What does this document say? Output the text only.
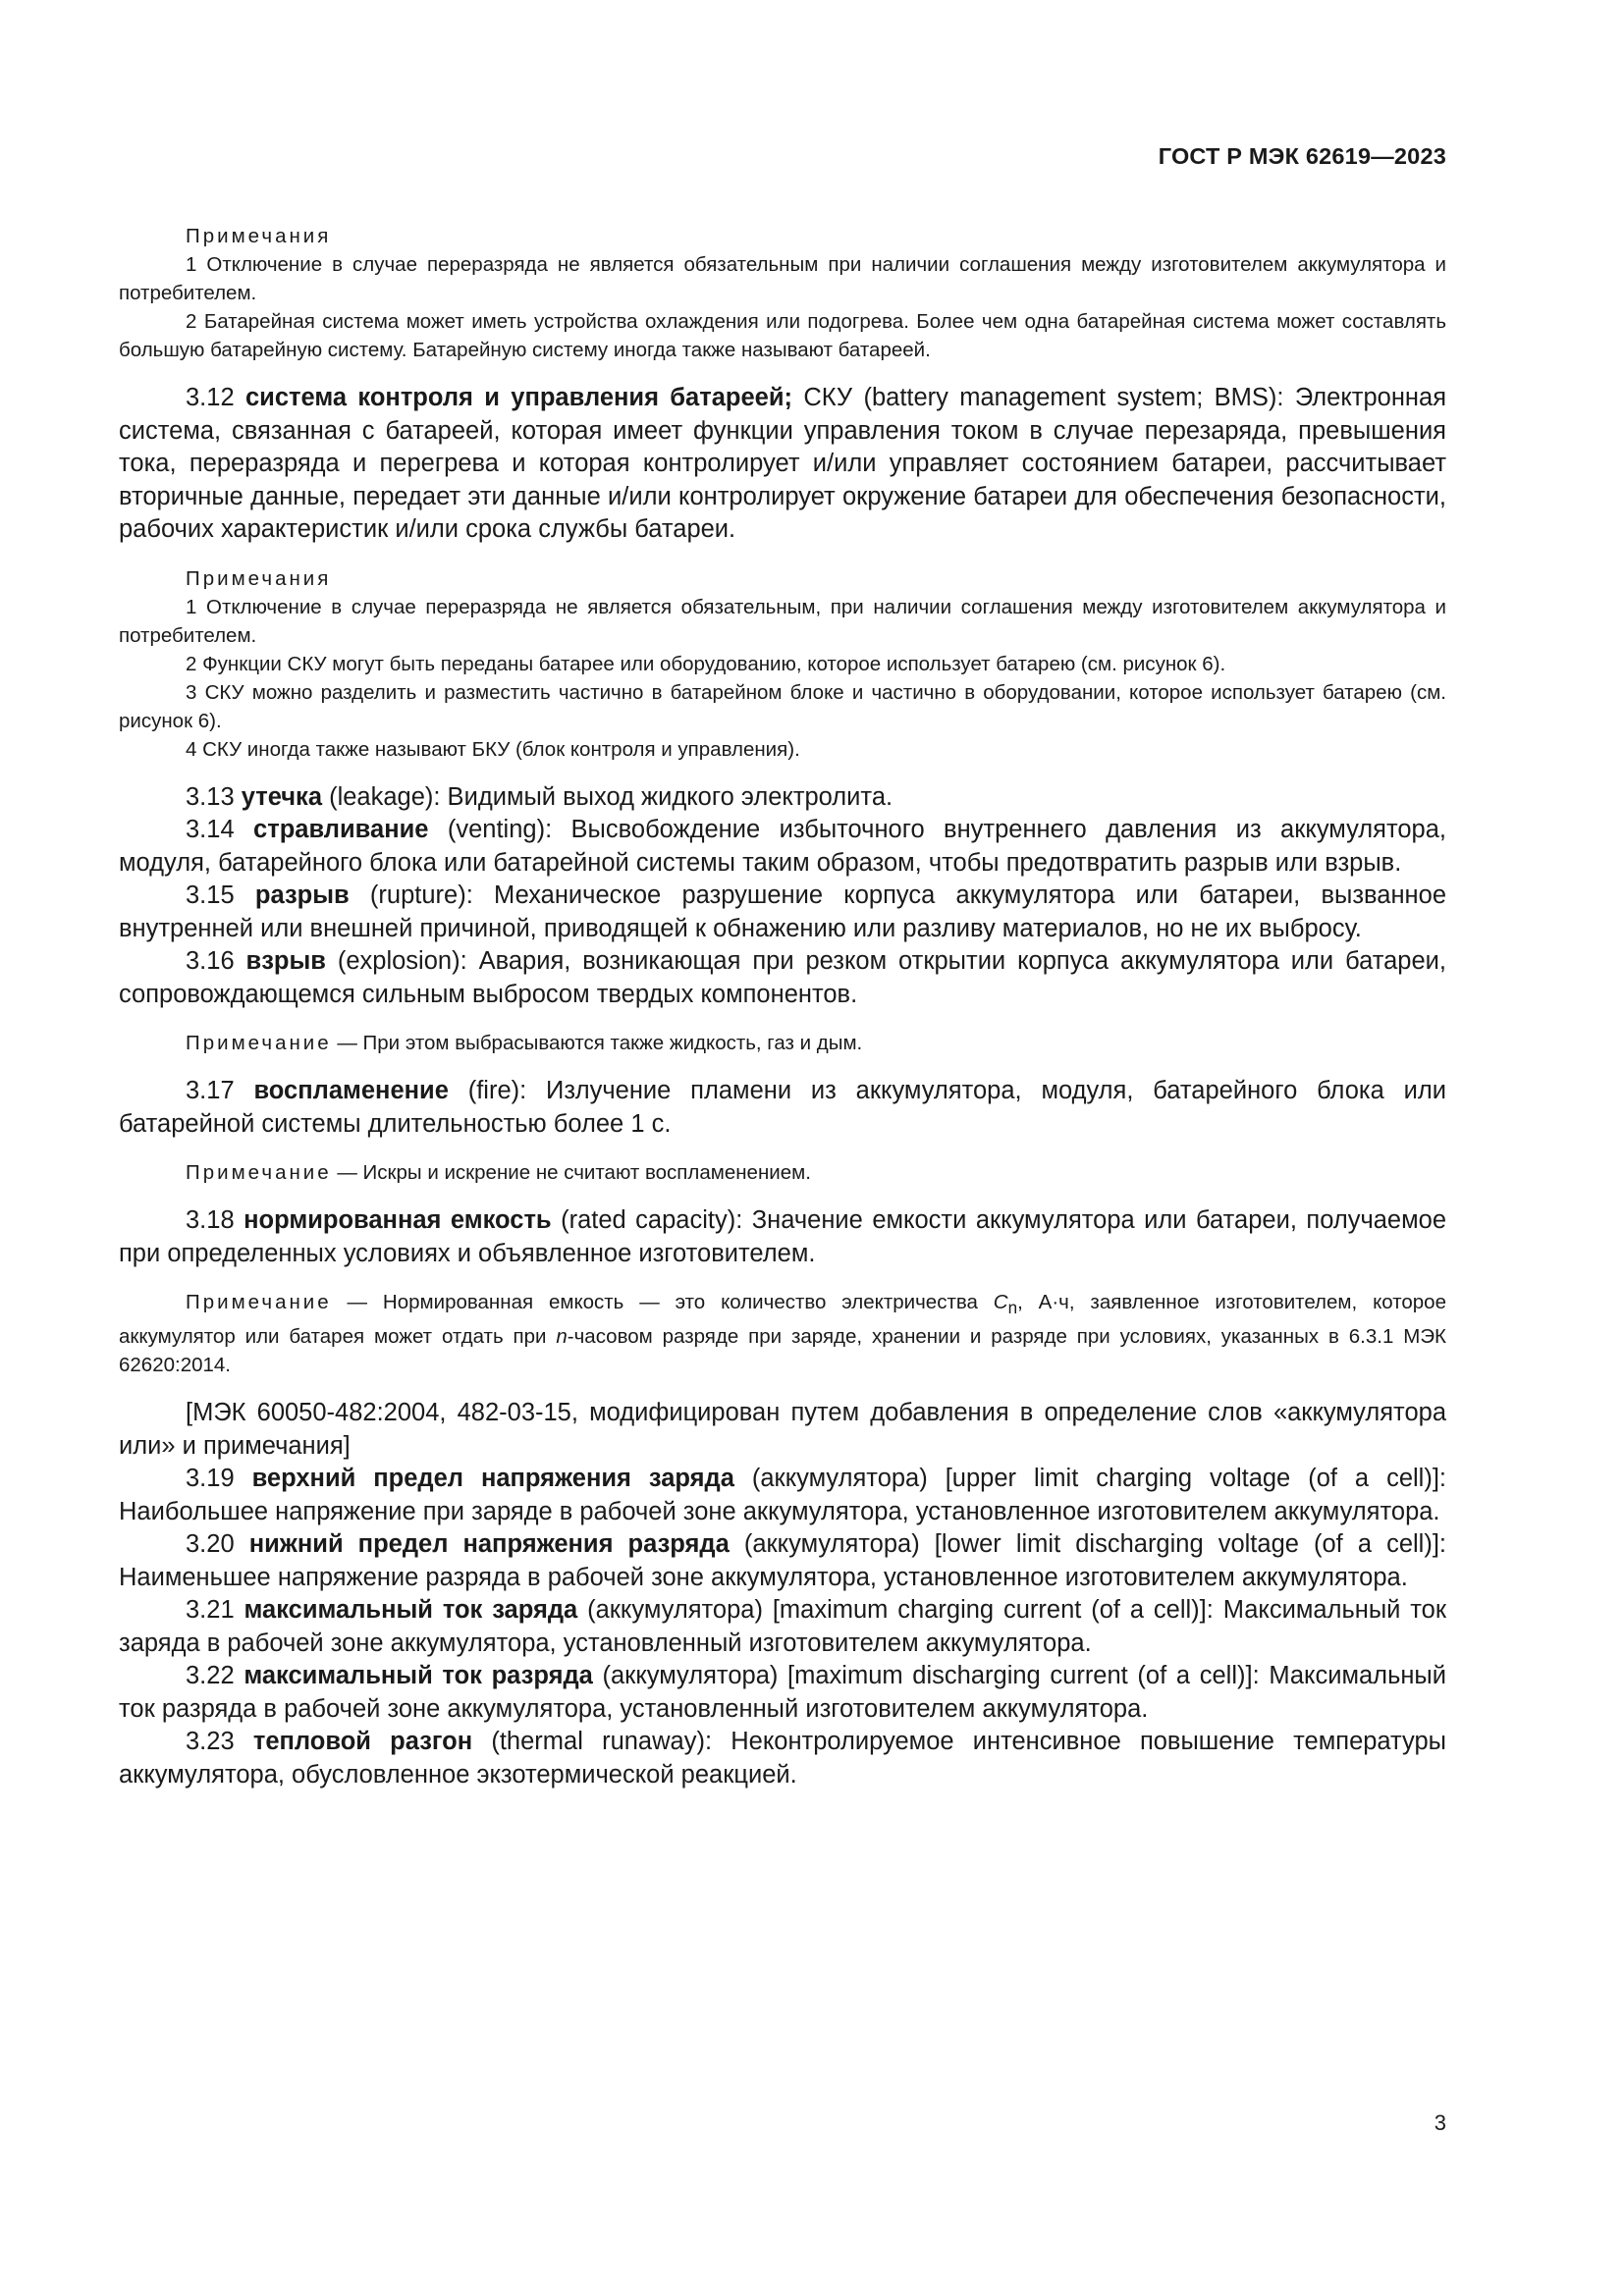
ГОСТ Р МЭК 62619—2023

Примечания

1 Отключение в случае переразряда не является обязательным при наличии соглашения между изготовителем аккумулятора и потребителем.

2 Батарейная система может иметь устройства охлаждения или подогрева. Более чем одна батарейная система может составлять большую батарейную систему. Батарейную систему иногда также называют батареей.

3.12 система контроля и управления батареей; СКУ (battery management system; BMS): Электронная система, связанная с батареей, которая имеет функции управления током в случае перезаряда, превышения тока, переразряда и перегрева и которая контролирует и/или управляет состоянием батареи, рассчитывает вторичные данные, передает эти данные и/или контролирует окружение батареи для обеспечения безопасности, рабочих характеристик и/или срока службы батареи.

Примечания

1 Отключение в случае переразряда не является обязательным, при наличии соглашения между изготовителем аккумулятора и потребителем.

2 Функции СКУ могут быть переданы батарее или оборудованию, которое использует батарею (см. рисунок 6).

3 СКУ можно разделить и разместить частично в батарейном блоке и частично в оборудовании, которое использует батарею (см. рисунок 6).

4 СКУ иногда также называют БКУ (блок контроля и управления).

3.13 утечка (leakage): Видимый выход жидкого электролита.

3.14 стравливание (venting): Высвобождение избыточного внутреннего давления из аккумулятора, модуля, батарейного блока или батарейной системы таким образом, чтобы предотвратить разрыв или взрыв.

3.15 разрыв (rupture): Механическое разрушение корпуса аккумулятора или батареи, вызванное внутренней или внешней причиной, приводящей к обнажению или разливу материалов, но не их выбросу.

3.16 взрыв (explosion): Авария, возникающая при резком открытии корпуса аккумулятора или батареи, сопровождающемся сильным выбросом твердых компонентов.

Примечание — При этом выбрасываются также жидкость, газ и дым.

3.17 воспламенение (fire): Излучение пламени из аккумулятора, модуля, батарейного блока или батарейной системы длительностью более 1 с.

Примечание — Искры и искрение не считают воспламенением.

3.18 нормированная емкость (rated capacity): Значение емкости аккумулятора или батареи, получаемое при определенных условиях и объявленное изготовителем.

Примечание — Нормированная емкость — это количество электричества $C_n$, А·ч, заявленное изготовителем, которое аккумулятор или батарея может отдать при n-часовом разряде при заряде, хранении и разряде при условиях, указанных в 6.3.1 МЭК 62620:2014.

[МЭК 60050-482:2004, 482-03-15, модифицирован путем добавления в определение слов «аккумулятора или» и примечания]

3.19 верхний предел напряжения заряда (аккумулятора) [upper limit charging voltage (of a cell)]: Наибольшее напряжение при заряде в рабочей зоне аккумулятора, установленное изготовителем аккумулятора.

3.20 нижний предел напряжения разряда (аккумулятора) [lower limit discharging voltage (of a cell)]: Наименьшее напряжение разряда в рабочей зоне аккумулятора, установленное изготовителем аккумулятора.

3.21 максимальный ток заряда (аккумулятора) [maximum charging current (of a cell)]: Максимальный ток заряда в рабочей зоне аккумулятора, установленный изготовителем аккумулятора.

3.22 максимальный ток разряда (аккумулятора) [maximum discharging current (of a cell)]: Максимальный ток разряда в рабочей зоне аккумулятора, установленный изготовителем аккумулятора.

3.23 тепловой разгон (thermal runaway): Неконтролируемое интенсивное повышение температуры аккумулятора, обусловленное экзотермической реакцией.

3
